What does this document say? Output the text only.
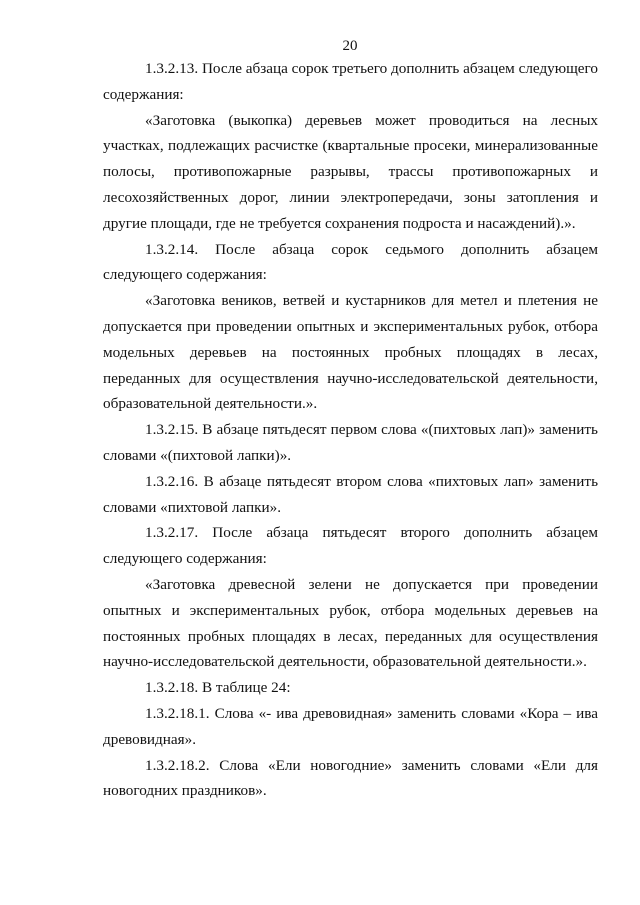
20

1.3.2.13. После абзаца сорок третьего дополнить абзацем следующего содержания:

«Заготовка (выкопка) деревьев может проводиться на лесных участках, подлежащих расчистке (квартальные просеки, минерализованные полосы, противопожарные разрывы, трассы противопожарных и лесохозяйственных дорог, линии электропередачи, зоны затопления и другие площади, где не требуется сохранения подроста и насаждений).».

1.3.2.14. После абзаца сорок седьмого дополнить абзацем следующего содержания:

«Заготовка веников, ветвей и кустарников для метел и плетения не допускается при проведении опытных и экспериментальных рубок, отбора модельных деревьев на постоянных пробных площадях в лесах, переданных для осуществления научно-исследовательской деятельности, образовательной деятельности.».

1.3.2.15. В абзаце пятьдесят первом слова «(пихтовых лап)» заменить словами «(пихтовой лапки)».

1.3.2.16. В абзаце пятьдесят втором слова «пихтовых лап» заменить словами «пихтовой лапки».

1.3.2.17. После абзаца пятьдесят второго дополнить абзацем следующего содержания:

«Заготовка древесной зелени не допускается при проведении опытных и экспериментальных рубок, отбора модельных деревьев на постоянных пробных площадях в лесах, переданных для осуществления научно-исследовательской деятельности, образовательной деятельности.».

1.3.2.18. В таблице 24:

1.3.2.18.1. Слова «- ива древовидная» заменить словами «Кора – ива древовидная».

1.3.2.18.2. Слова «Ели новогодние» заменить словами «Ели для новогодних праздников».
